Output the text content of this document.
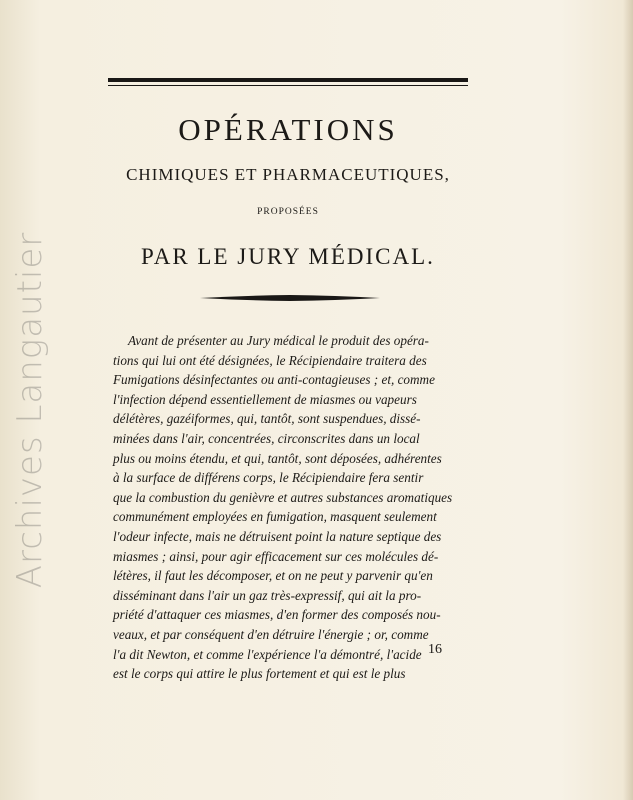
OPÉRATIONS
CHIMIQUES ET PHARMACEUTIQUES,
PROPOSÉES
PAR LE JURY MÉDICAL.
Avant de présenter au Jury médical le produit des opéra-
tions qui lui ont été désignées, le Récipiendaire traitera des
Fumigations désinfectantes ou anti-contagieuses ; et, comme
l'infection dépend essentiellement de miasmes ou vapeurs
délétères, gazéiformes, qui, tantôt, sont suspendues, dissé-
minées dans l'air, concentrées, circonscrites dans un local
plus ou moins étendu, et qui, tantôt, sont déposées, adhérentes
à la surface de différens corps, le Récipiendaire fera sentir
que la combustion du genièvre et autres substances aromatiques
communément employées en fumigation, masquent seulement
l'odeur infecte, mais ne détruisent point la nature septique des
miasmes ; ainsi, pour agir efficacement sur ces molécules dé-
létères, il faut les décomposer, et on ne peut y parvenir qu'en
disséminant dans l'air un gaz très-expressif, qui ait la pro-
priété d'attaquer ces miasmes, d'en former des composés nou-
veaux, et par conséquent d'en détruire l'énergie ; or, comme
l'a dit Newton, et comme l'expérience l'a démontré, l'acide
est le corps qui attire le plus fortement et qui est le plus
16
Archives Langautier
